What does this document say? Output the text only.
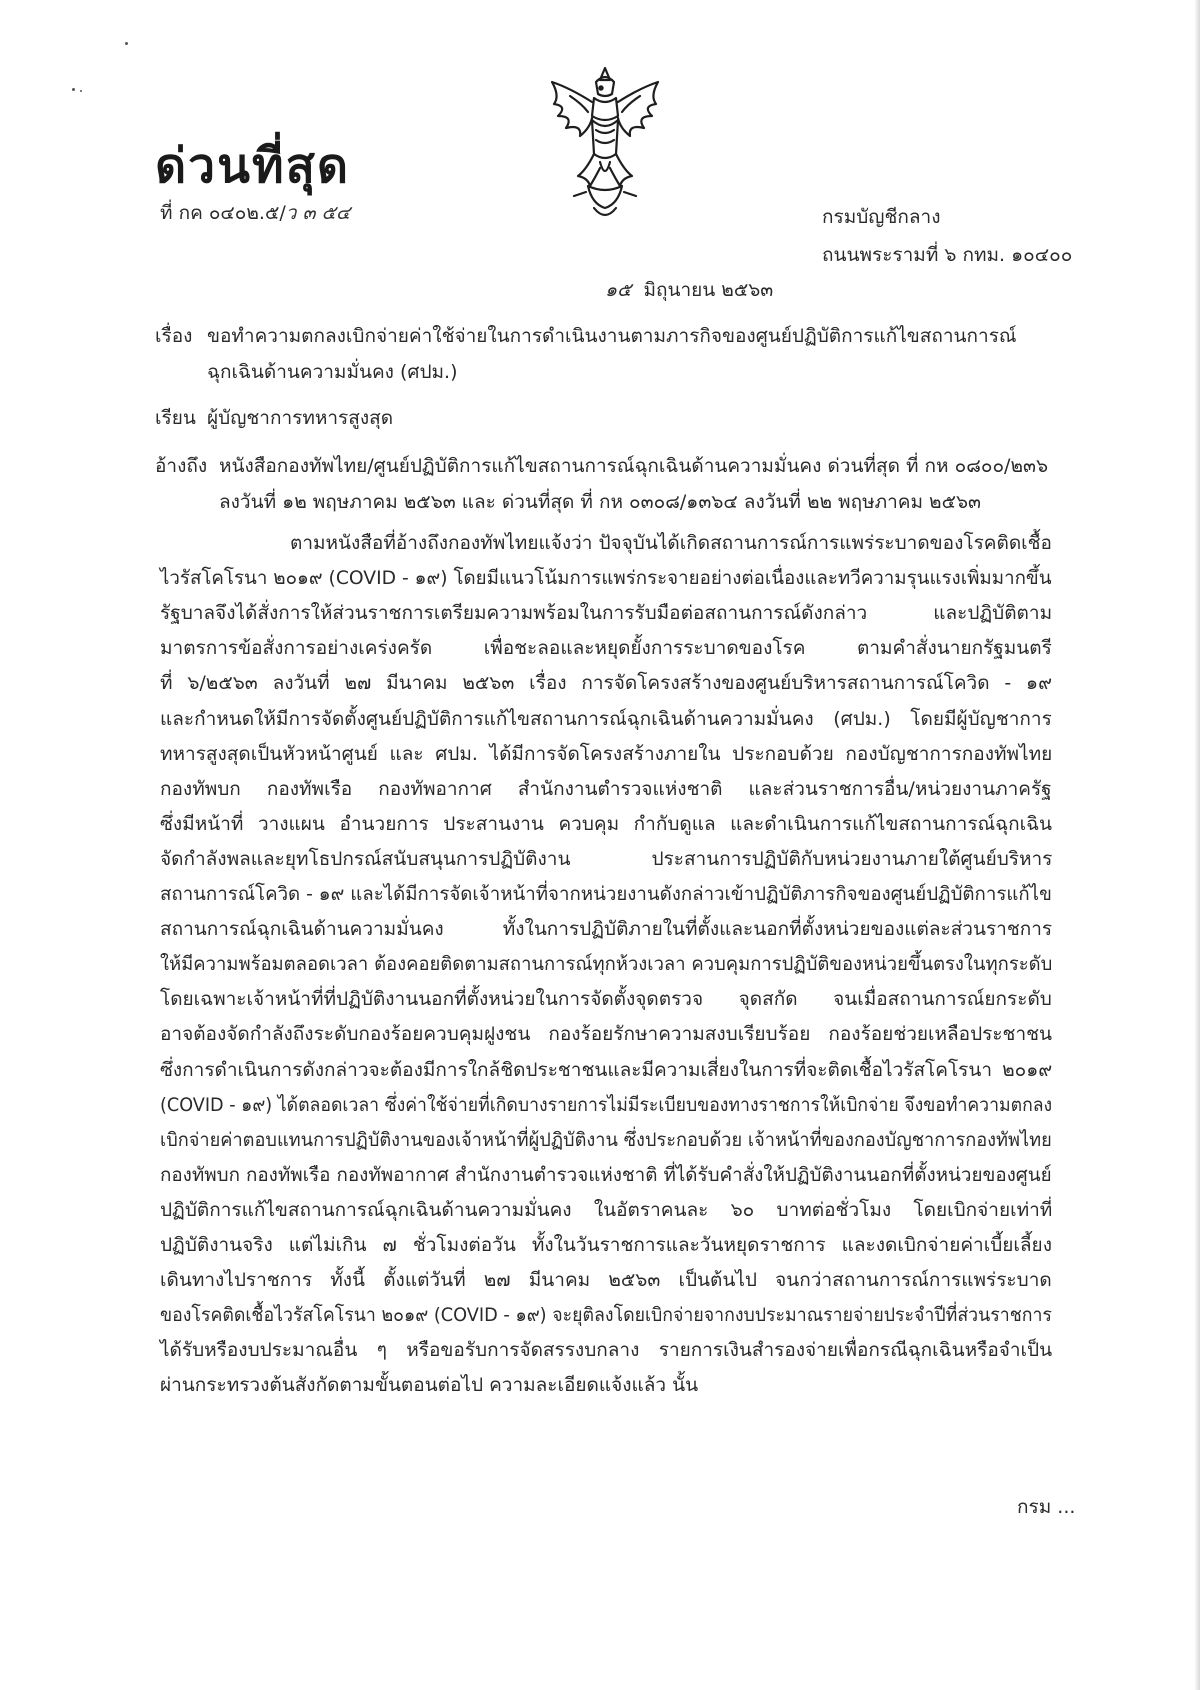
ด่วนที่สุด
ที่ กค ๐๔๐๒.๕/ว ๓ ๕๔	กรมบัญชีกลาง
ถนนพระรามที่ ๖ กทม. ๑๐๔๐๐
๑๕ มิถุนายน ๒๕๖๓
เรื่อง ขอทำความตกลงเบิกจ่ายค่าใช้จ่ายในการดำเนินงานตามภารกิจของศูนย์ปฏิบัติการแก้ไขสถานการณ์
ฉุกเฉินด้านความมั่นคง (ศปม.)
เรียน ผู้บัญชาการทหารสูงสุด
อ้างถึง หนังสือกองทัพไทย/ศูนย์ปฏิบัติการแก้ไขสถานการณ์ฉุกเฉินด้านความมั่นคง ด่วนที่สุด ที่ กห ๐๘๐๐/๒๓๖
ลงวันที่ ๑๒ พฤษภาคม ๒๕๖๓ และ ด่วนที่สุด ที่ กห ๐๓๐๘/๑๓๖๔ ลงวันที่ ๒๒ พฤษภาคม ๒๕๖๓
ตามหนังสือที่อ้างถึงกองทัพไทยแจ้งว่า ปัจจุบันได้เกิดสถานการณ์การแพร่ระบาดของโรคติดเชื้อ
ไวรัสโคโรนา ๒๐๑๙ (COVID - ๑๙) โดยมีแนวโน้มการแพร่กระจายอย่างต่อเนื่องและทวีความรุนแรงเพิ่มมากขึ้น
รัฐบาลจึงได้สั่งการให้ส่วนราชการเตรียมความพร้อมในการรับมือต่อสถานการณ์ดังกล่าว และปฏิบัติตาม
มาตรการข้อสั่งการอย่างเคร่งครัด เพื่อชะลอและหยุดยั้งการระบาดของโรค ตามคำสั่งนายกรัฐมนตรี
ที่ ๖/๒๕๖๓ ลงวันที่ ๒๗ มีนาคม ๒๕๖๓ เรื่อง การจัดโครงสร้างของศูนย์บริหารสถานการณ์โควิด - ๑๙
และกำหนดให้มีการจัดตั้งศูนย์ปฏิบัติการแก้ไขสถานการณ์ฉุกเฉินด้านความมั่นคง (ศปม.) โดยมีผู้บัญชาการ
ทหารสูงสุดเป็นหัวหน้าศูนย์ และ ศปม. ได้มีการจัดโครงสร้างภายใน ประกอบด้วย กองบัญชาการกองทัพไทย
กองทัพบก กองทัพเรือ กองทัพอากาศ สำนักงานตำรวจแห่งชาติ และส่วนราชการอื่น/หน่วยงานภาครัฐ
ซึ่งมีหน้าที่ วางแผน อำนวยการ ประสานงาน ควบคุม กำกับดูแล และดำเนินการแก้ไขสถานการณ์ฉุกเฉิน
จัดกำลังพลและยุทโธปกรณ์สนับสนุนการปฏิบัติงาน ประสานการปฏิบัติกับหน่วยงานภายใต้ศูนย์บริหาร
สถานการณ์โควิด - ๑๙ และได้มีการจัดเจ้าหน้าที่จากหน่วยงานดังกล่าวเข้าปฏิบัติภารกิจของศูนย์ปฏิบัติการแก้ไข
สถานการณ์ฉุกเฉินด้านความมั่นคง ทั้งในการปฏิบัติภายในที่ตั้งและนอกที่ตั้งหน่วยของแต่ละส่วนราชการ
ให้มีความพร้อมตลอดเวลา ต้องคอยติดตามสถานการณ์ทุกห้วงเวลา ควบคุมการปฏิบัติของหน่วยขึ้นตรงในทุกระดับ
โดยเฉพาะเจ้าหน้าที่ที่ปฏิบัติงานนอกที่ตั้งหน่วยในการจัดตั้งจุดตรวจ จุดสกัด จนเมื่อสถานการณ์ยกระดับ
อาจต้องจัดกำลังถึงระดับกองร้อยควบคุมฝูงชน กองร้อยรักษาความสงบเรียบร้อย กองร้อยช่วยเหลือประชาชน
ซึ่งการดำเนินการดังกล่าวจะต้องมีการใกล้ชิดประชาชนและมีความเสี่ยงในการที่จะติดเชื้อไวรัสโคโรนา ๒๐๑๙
(COVID - ๑๙) ได้ตลอดเวลา ซึ่งค่าใช้จ่ายที่เกิดบางรายการไม่มีระเบียบของทางราชการให้เบิกจ่าย จึงขอทำความตกลง
เบิกจ่ายค่าตอบแทนการปฏิบัติงานของเจ้าหน้าที่ผู้ปฏิบัติงาน ซึ่งประกอบด้วย เจ้าหน้าที่ของกองบัญชาการกองทัพไทย
กองทัพบก กองทัพเรือ กองทัพอากาศ สำนักงานตำรวจแห่งชาติ ที่ได้รับคำสั่งให้ปฏิบัติงานนอกที่ตั้งหน่วยของศูนย์
ปฏิบัติการแก้ไขสถานการณ์ฉุกเฉินด้านความมั่นคง ในอัตราคนละ ๖๐ บาทต่อชั่วโมง โดยเบิกจ่ายเท่าที่
ปฏิบัติงานจริง แต่ไม่เกิน ๗ ชั่วโมงต่อวัน ทั้งในวันราชการและวันหยุดราชการ และงดเบิกจ่ายค่าเบี้ยเลี้ยง
เดินทางไปราชการ ทั้งนี้ ตั้งแต่วันที่ ๒๗ มีนาคม ๒๕๖๓ เป็นต้นไป จนกว่าสถานการณ์การแพร่ระบาด
ของโรคติดเชื้อไวรัสโคโรนา ๒๐๑๙ (COVID - ๑๙) จะยุติลงโดยเบิกจ่ายจากงบประมาณรายจ่ายประจำปีที่ส่วนราชการ
ได้รับหรืองบประมาณอื่น ๆ หรือขอรับการจัดสรรงบกลาง รายการเงินสำรองจ่ายเพื่อกรณีฉุกเฉินหรือจำเป็น
ผ่านกระทรวงต้นสังกัดตามขั้นตอนต่อไป ความละเอียดแจ้งแล้ว นั้น
กรม ...
